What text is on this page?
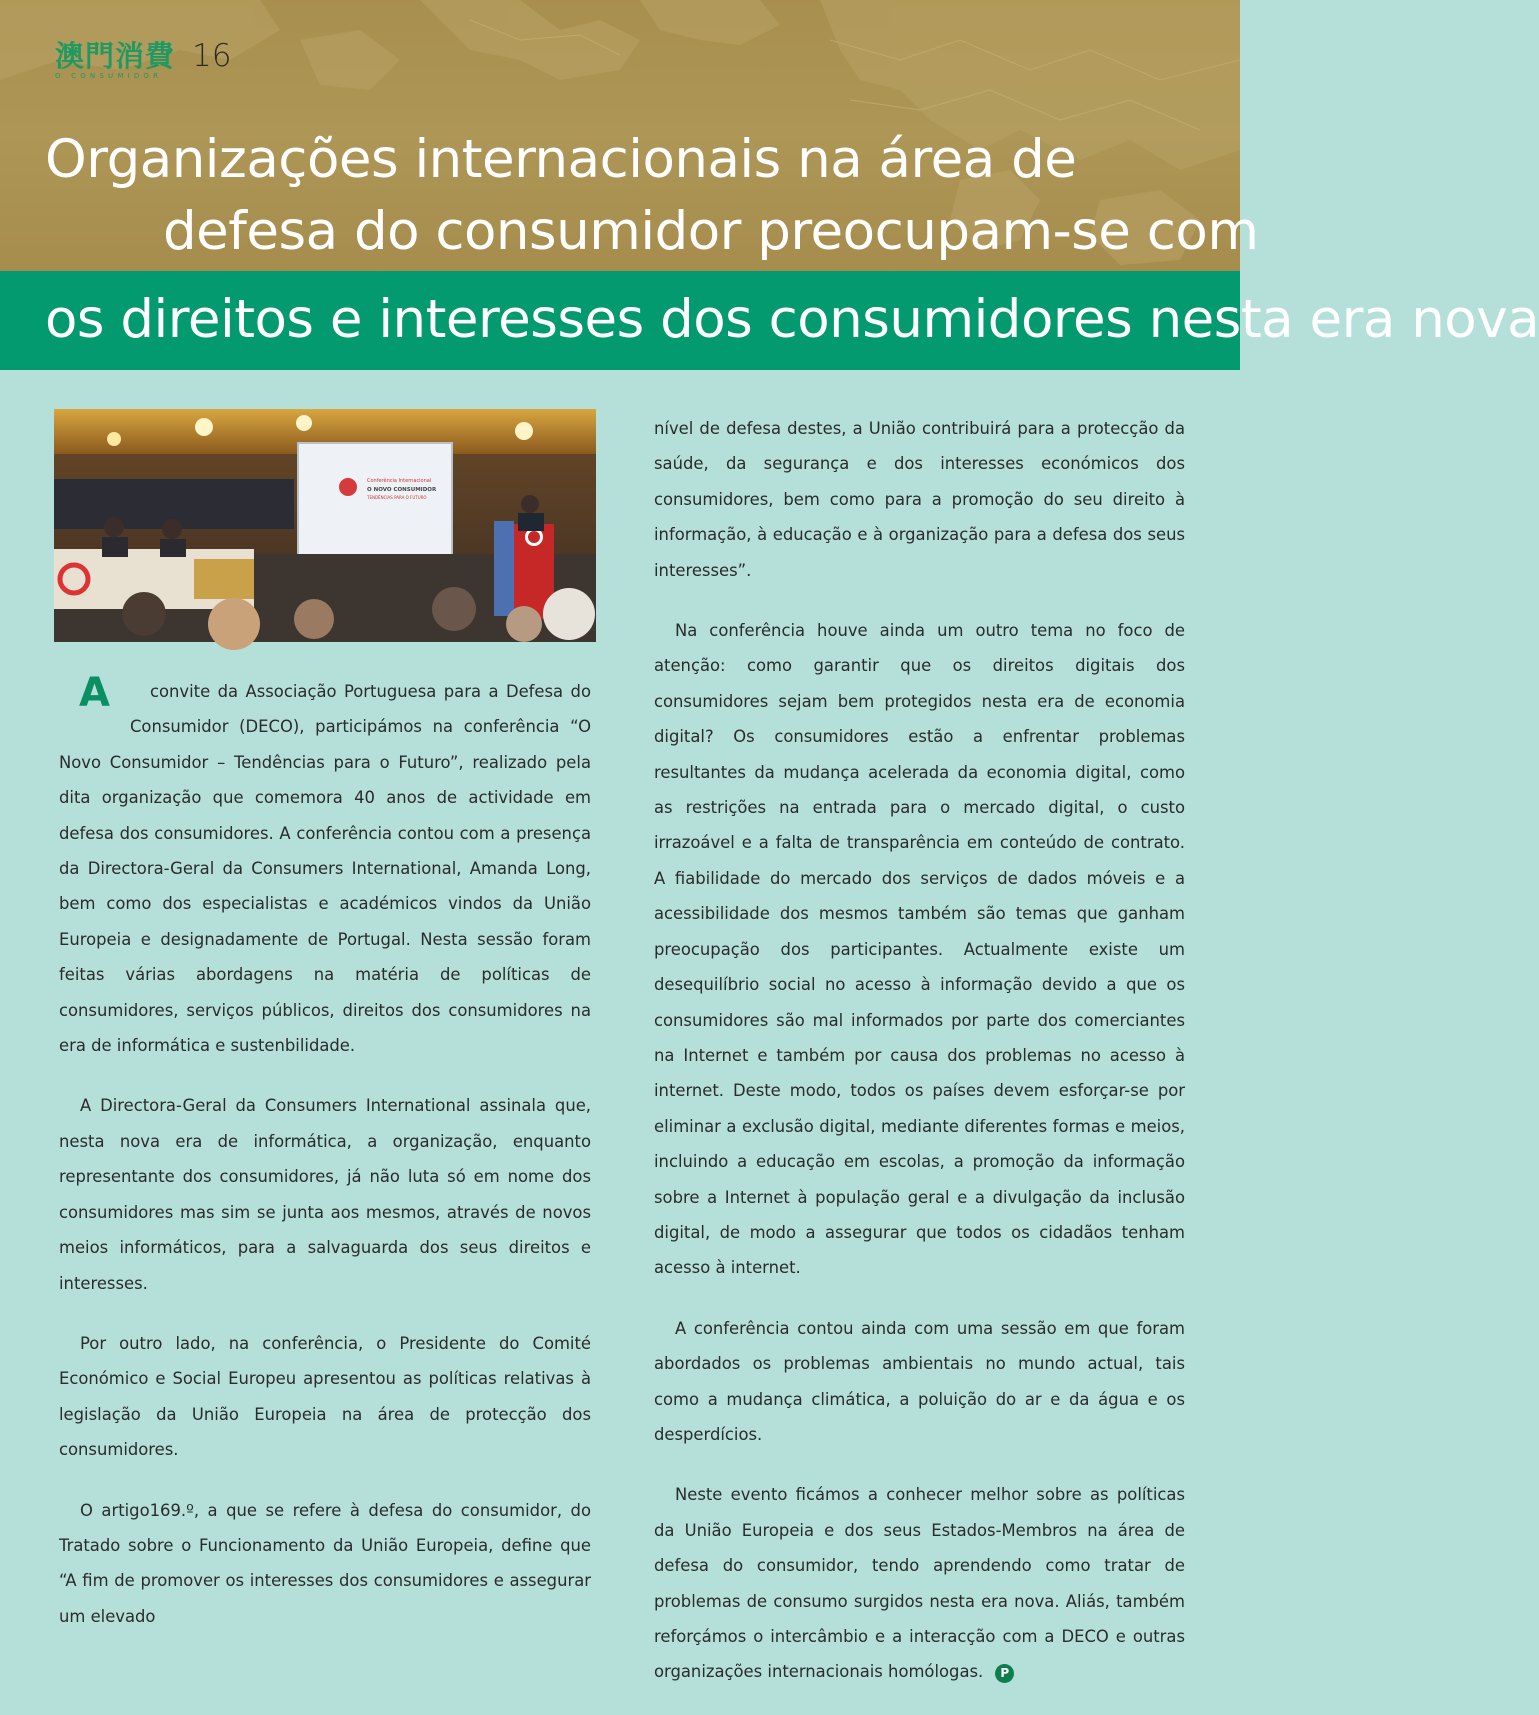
澳門消費
O CONSUMIDOR
16
Organizações internacionais na área de
defesa do consumidor preocupam-se com
os direitos e interesses dos consumidores nesta era nova
Conferência Internacional
O NOVO CONSUMIDOR
TENDÊNCIAS PARA O FUTURO

A convite da Associação Portuguesa para a Defesa do Consumidor (DECO), participámos na conferência “O Novo Consumidor – Tendências para o Futuro”, realizado pela dita organização que comemora 40 anos de actividade em defesa dos consumidores. A conferência contou com a presença da Directora-Geral da Consumers International, Amanda Long, bem como dos especialistas e académicos vindos da União Europeia e designadamente de Portugal. Nesta sessão foram feitas várias abordagens na matéria de políticas de consumidores, serviços públicos, direitos dos consumidores na era de informática e sustenbilidade.

A Directora-Geral da Consumers International assinala que, nesta nova era de informática, a organização, enquanto representante dos consumidores, já não luta só em nome dos consumidores mas sim se junta aos mesmos, através de novos meios informáticos, para a salvaguarda dos seus direitos e interesses.

Por outro lado, na conferência, o Presidente do Comité Económico e Social Europeu apresentou as políticas relativas à legislação da União Europeia na área de protecção dos consumidores.

O artigo169.º, a que se refere à defesa do consumidor, do Tratado sobre o Funcionamento da União Europeia, define que “A fim de promover os interesses dos consumidores e assegurar um elevado

nível de defesa destes, a União contribuirá para a protecção da saúde, da segurança e dos interesses económicos dos consumidores, bem como para a promoção do seu direito à informação, à educação e à organização para a defesa dos seus interesses”.

Na conferência houve ainda um outro tema no foco de atenção: como garantir que os direitos digitais dos consumidores sejam bem protegidos nesta era de economia digital? Os consumidores estão a enfrentar problemas resultantes da mudança acelerada da economia digital, como as restrições na entrada para o mercado digital, o custo irrazoável e a falta de transparência em conteúdo de contrato. A fiabilidade do mercado dos serviços de dados móveis e a acessibilidade dos mesmos também são temas que ganham preocupação dos participantes. Actualmente existe um desequilíbrio social no acesso à informação devido a que os consumidores são mal informados por parte dos comerciantes na Internet e também por causa dos problemas no acesso à internet. Deste modo, todos os países devem esforçar-se por eliminar a exclusão digital, mediante diferentes formas e meios, incluindo a educação em escolas, a promoção da informação sobre a Internet à população geral e a divulgação da inclusão digital, de modo a assegurar que todos os cidadãos tenham acesso à internet.

A conferência contou ainda com uma sessão em que foram abordados os problemas ambientais no mundo actual, tais como a mudança climática, a poluição do ar e da água e os desperdícios.

Neste evento ficámos a conhecer melhor sobre as políticas da União Europeia e dos seus Estados-Membros na área de defesa do consumidor, tendo aprendendo como tratar de problemas de consumo surgidos nesta era nova. Aliás, também reforçámos o intercâmbio e a interacção com a DECO e outras organizações internacionais homólogas. P
